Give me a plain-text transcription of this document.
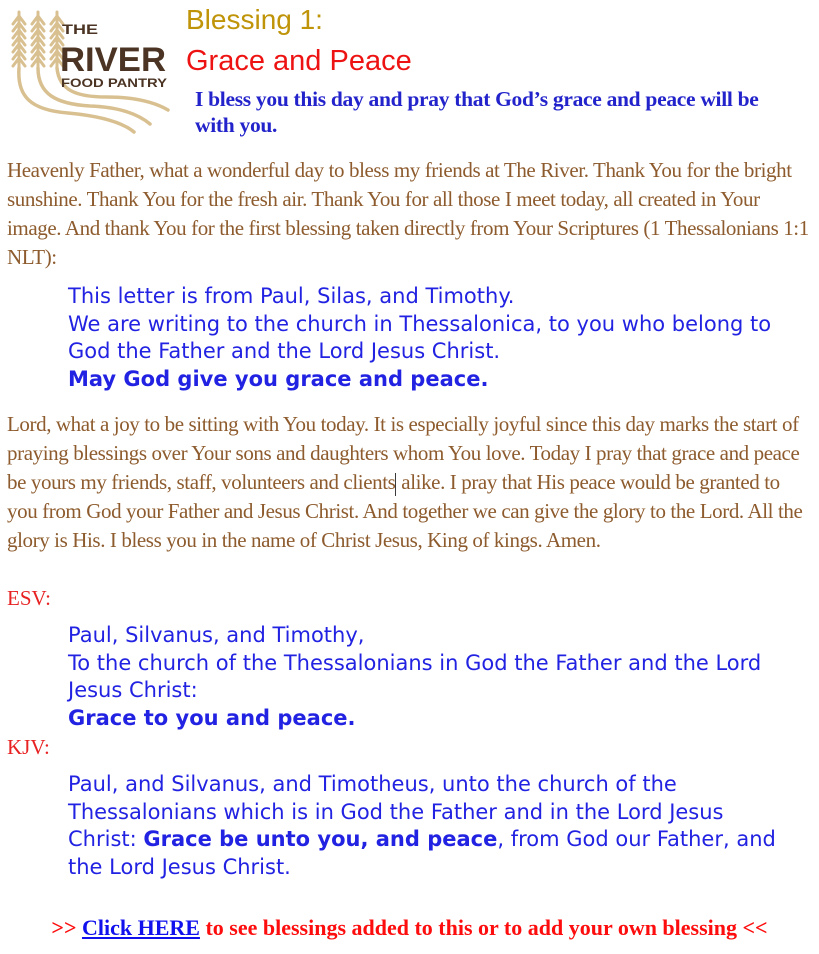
THE
RIVER
FOOD PANTRY
Blessing 1:
Grace and Peace
I bless you this day and pray that God’s grace and peace will be with you.

Heavenly Father, what a wonderful day to bless my friends at The River. Thank You for the bright sunshine. Thank You for the fresh air. Thank You for all those I meet today, all created in Your image. And thank You for the first blessing taken directly from Your Scriptures (1 Thessalonians 1:1 NLT):

This letter is from Paul, Silas, and Timothy.
We are writing to the church in Thessalonica, to you who belong to God the Father and the Lord Jesus Christ.
May God give you grace and peace.

Lord, what a joy to be sitting with You today. It is especially joyful since this day marks the start of praying blessings over Your sons and daughters whom You love. Today I pray that grace and peace be yours my friends, staff, volunteers and clients alike. I pray that His peace would be granted to you from God your Father and Jesus Christ. And together we can give the glory to the Lord. All the glory is His. I bless you in the name of Christ Jesus, King of kings. Amen.

ESV:
Paul, Silvanus, and Timothy,
To the church of the Thessalonians in God the Father and the Lord Jesus Christ:
Grace to you and peace.
KJV:
Paul, and Silvanus, and Timotheus, unto the church of the Thessalonians which is in God the Father and in the Lord Jesus Christ: Grace be unto you, and peace, from God our Father, and the Lord Jesus Christ.
>> Click HERE to see blessings added to this or to add your own blessing <<
